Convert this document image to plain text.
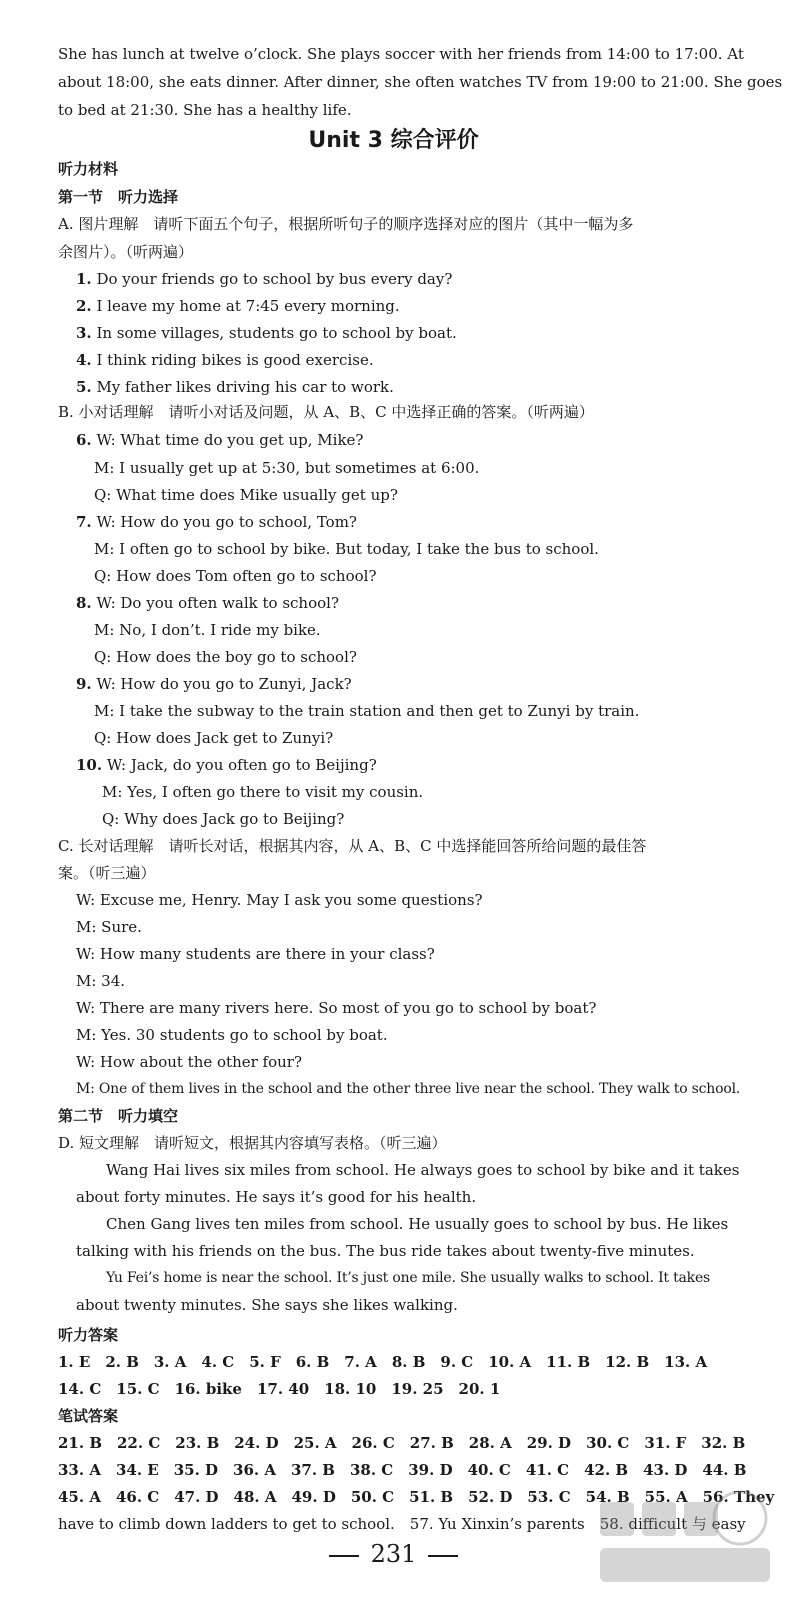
She has lunch at twelve o’clock. She plays soccer with her friends from 14:00 to 17:00. At
about 18:00, she eats dinner. After dinner, she often watches TV from 19:00 to 21:00. She goes
to bed at 21:30. She has a healthy life.
Unit 3 综合评价
听力材料
第一节　听力选择
A. 图片理解　请听下面五个句子，根据所听句子的顺序选择对应的图片（其中一幅为多
余图片）。（听两遍）
1. Do your friends go to school by bus every day?
2. I leave my home at 7:45 every morning.
3. In some villages, students go to school by boat.
4. I think riding bikes is good exercise.
5. My father likes driving his car to work.
B. 小对话理解　请听小对话及问题，从 A、B、C 中选择正确的答案。（听两遍）
6. W: What time do you get up, Mike?
M: I usually get up at 5:30, but sometimes at 6:00.
Q: What time does Mike usually get up?
7. W: How do you go to school, Tom?
M: I often go to school by bike. But today, I take the bus to school.
Q: How does Tom often go to school?
8. W: Do you often walk to school?
M: No, I don’t. I ride my bike.
Q: How does the boy go to school?
9. W: How do you go to Zunyi, Jack?
M: I take the subway to the train station and then get to Zunyi by train.
Q: How does Jack get to Zunyi?
10. W: Jack, do you often go to Beijing?
M: Yes, I often go there to visit my cousin.
Q: Why does Jack go to Beijing?
C. 长对话理解　请听长对话，根据其内容，从 A、B、C 中选择能回答所给问题的最佳答
案。（听三遍）
W: Excuse me, Henry. May I ask you some questions?
M: Sure.
W: How many students are there in your class?
M: 34.
W: There are many rivers here. So most of you go to school by boat?
M: Yes. 30 students go to school by boat.
W: How about the other four?
M: One of them lives in the school and the other three live near the school. They walk to school.
第二节　听力填空
D. 短文理解　请听短文，根据其内容填写表格。（听三遍）
Wang Hai lives six miles from school. He always goes to school by bike and it takes
about forty minutes. He says it’s good for his health.
Chen Gang lives ten miles from school. He usually goes to school by bus. He likes
talking with his friends on the bus. The bus ride takes about twenty-five minutes.
Yu Fei’s home is near the school. It’s just one mile. She usually walks to school. It takes
about twenty minutes. She says she likes walking.
听力答案
1. E　2. B　3. A　4. C　5. F　6. B　7. A　8. B　9. C　10. A　11. B　12. B　13. A
14. C　15. C　16. bike　17. 40　18. 10　19. 25　20. 1
笔试答案
21. B　22. C　23. B　24. D　25. A　26. C　27. B　28. A　29. D　30. C　31. F　32. B
33. A　34. E　35. D　36. A　37. B　38. C　39. D　40. C　41. C　42. B　43. D　44. B
45. A　46. C　47. D　48. A　49. D　50. C　51. B　52. D　53. C　54. B　55. A　56. They
have to climb down ladders to get to school.　57. Yu Xinxin’s parents　58. difficult 与 easy
231
